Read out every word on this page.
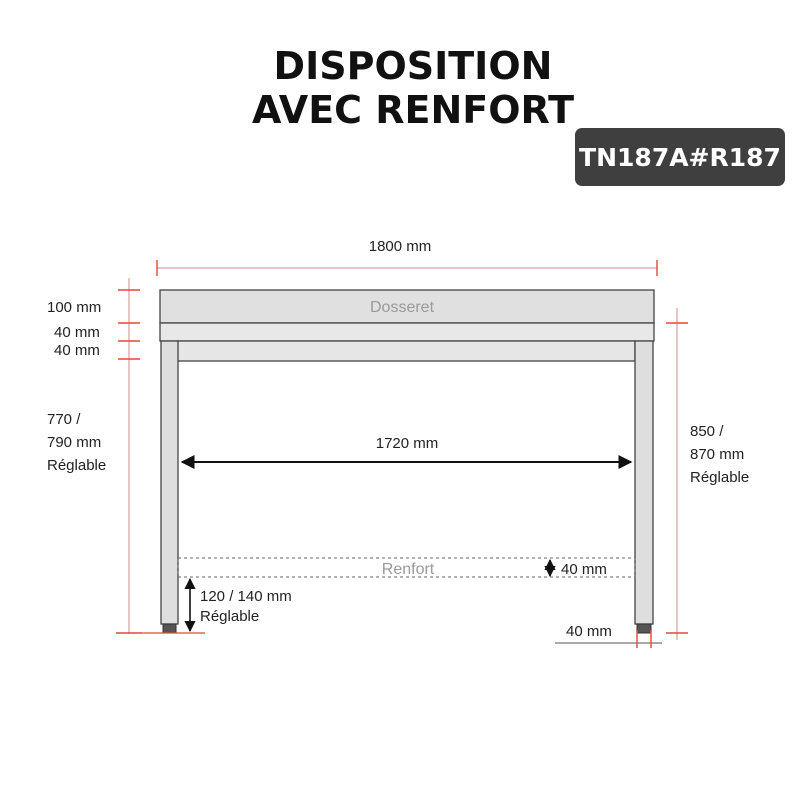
DISPOSITION
AVEC RENFORT
TN187A#R187
1800 mm
Dosseret
Renfort
1720 mm
100 mm
40 mm
40 mm
770 /
790 mm
Réglable
850 /
870 mm
Réglable
40 mm
120 / 140 mm
Réglable
40 mm
